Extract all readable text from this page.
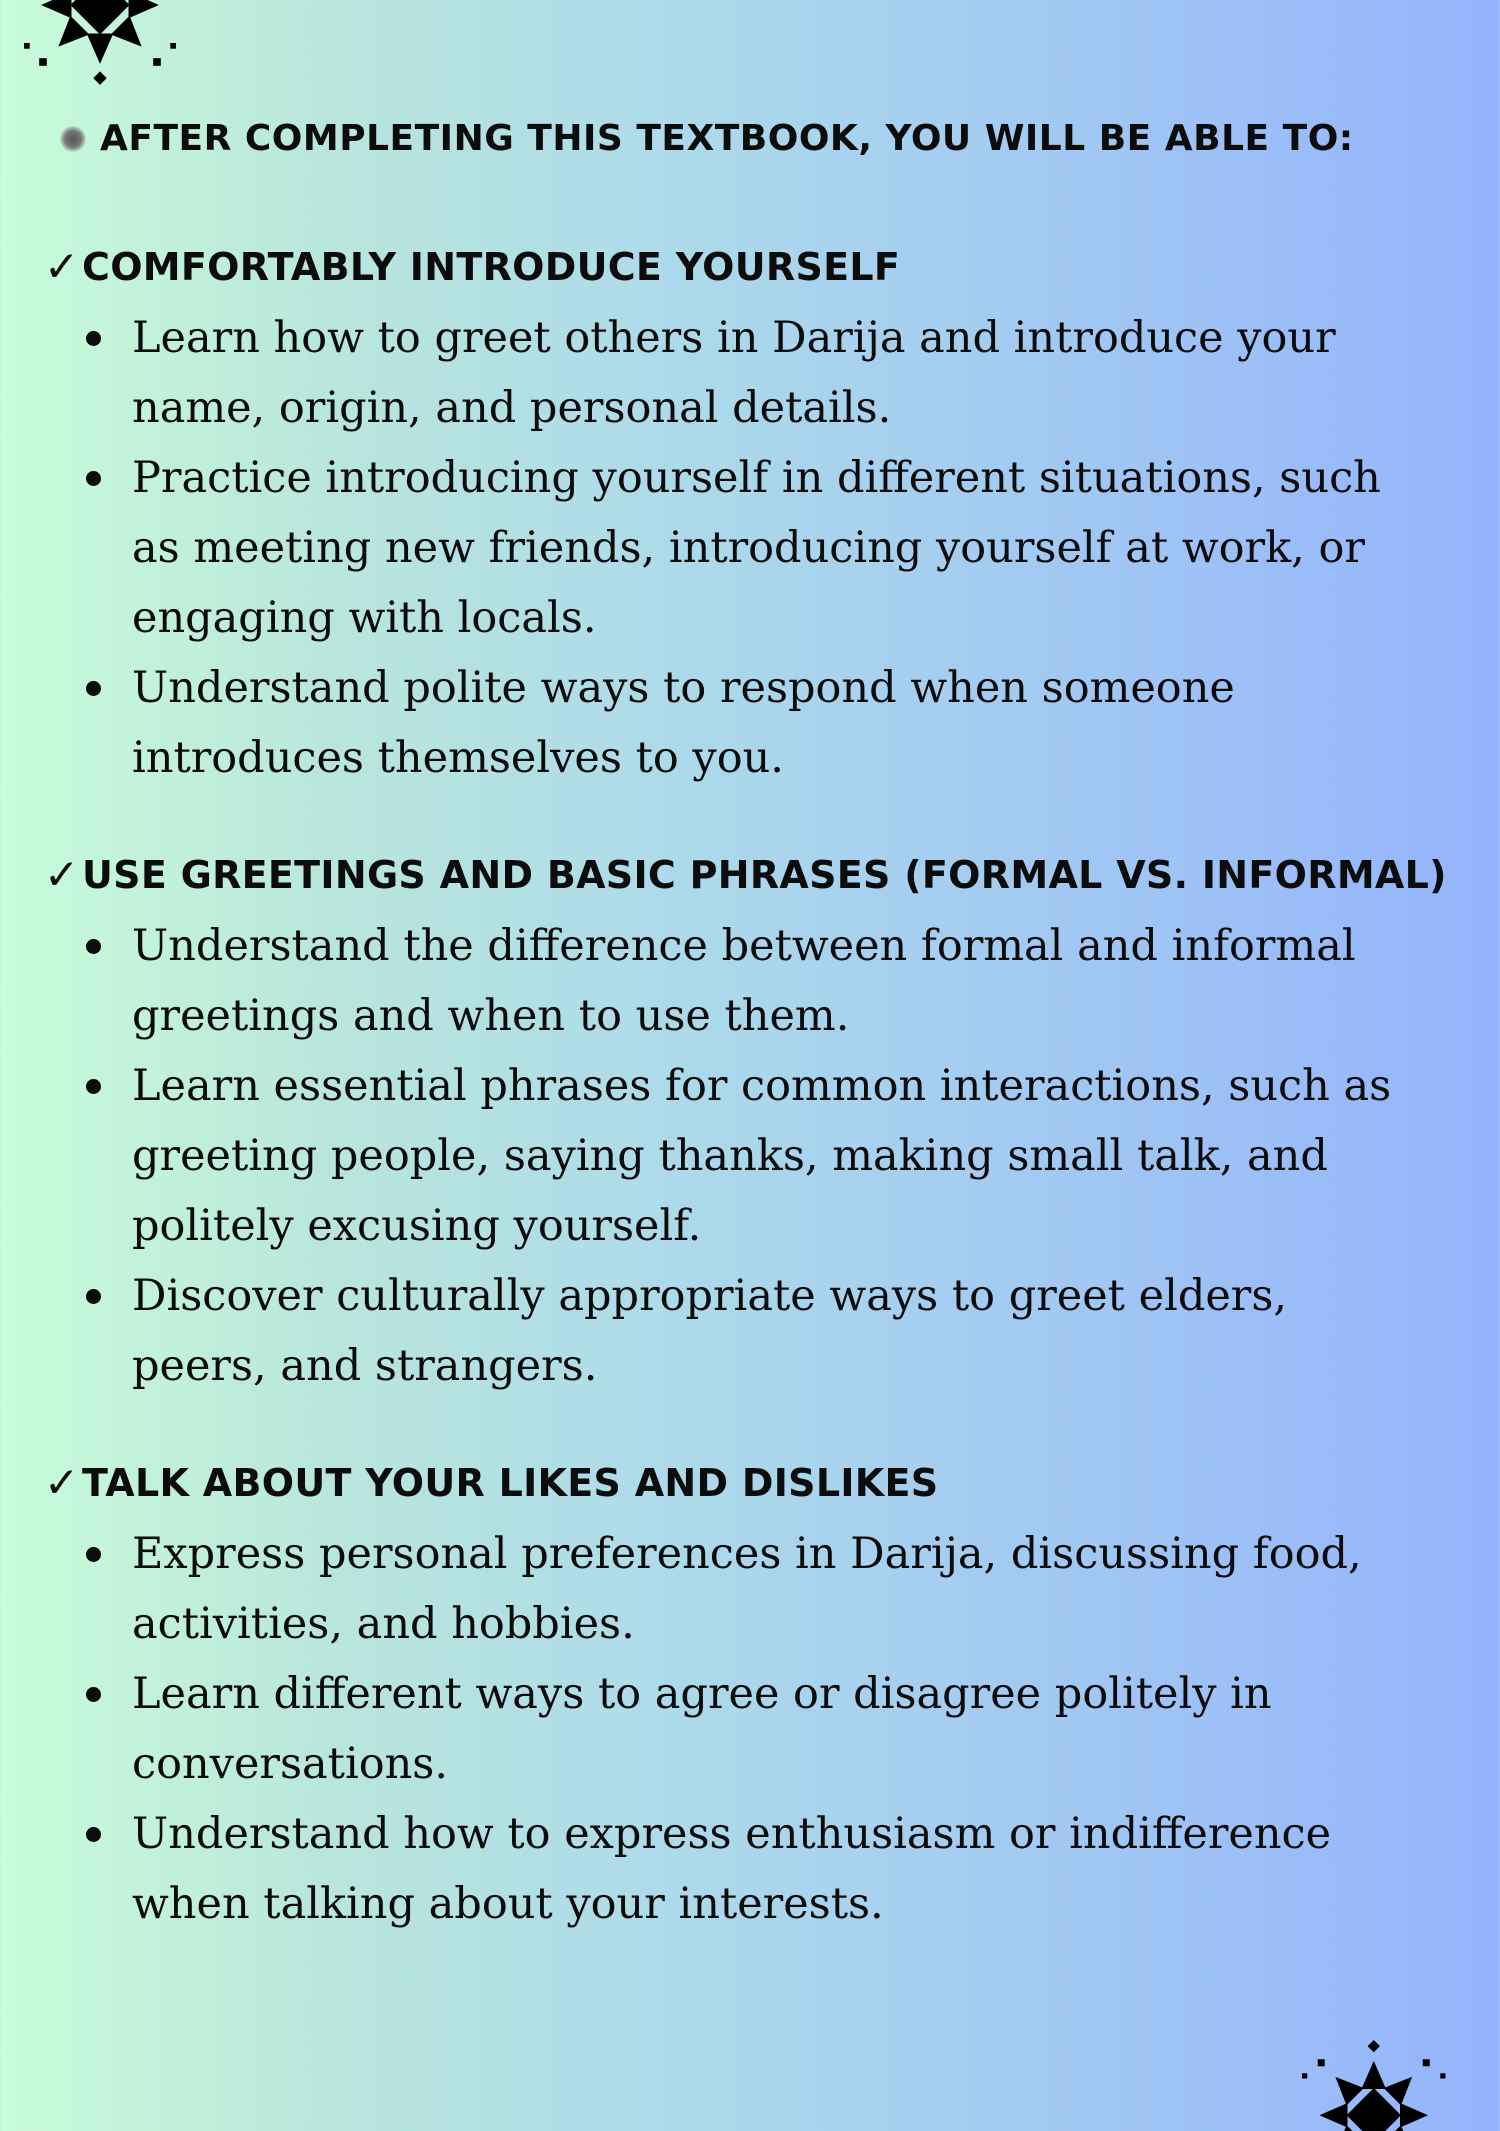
AFTER COMPLETING THIS TEXTBOOK, YOU WILL BE ABLE TO:
✓ COMFORTABLY INTRODUCE YOURSELF
Learn how to greet others in Darija and introduce your name, origin, and personal details.
Practice introducing yourself in different situations, such as meeting new friends, introducing yourself at work, or engaging with locals.
Understand polite ways to respond when someone introduces themselves to you.
✓ USE GREETINGS AND BASIC PHRASES (FORMAL VS. INFORMAL)
Understand the difference between formal and informal greetings and when to use them.
Learn essential phrases for common interactions, such as greeting people, saying thanks, making small talk, and politely excusing yourself.
Discover culturally appropriate ways to greet elders, peers, and strangers.
✓ TALK ABOUT YOUR LIKES AND DISLIKES
Express personal preferences in Darija, discussing food, activities, and hobbies.
Learn different ways to agree or disagree politely in conversations.
Understand how to express enthusiasm or indifference when talking about your interests.
